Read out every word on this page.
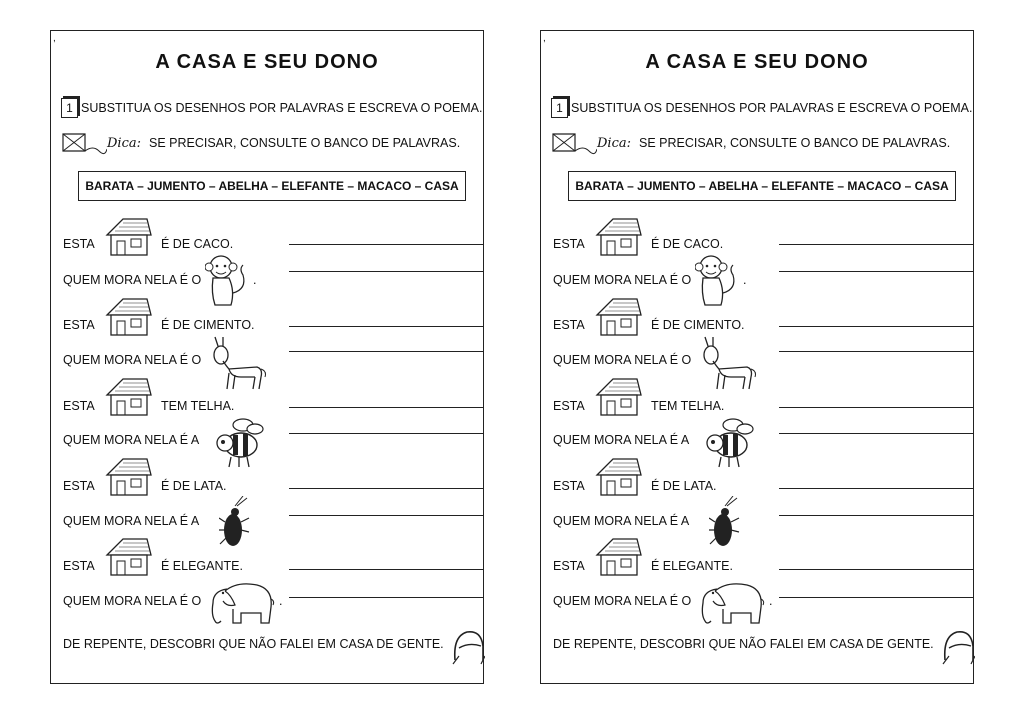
,
A CASA E SEU DONO
1 SUBSTITUA OS DESENHOS POR PALAVRAS E ESCREVA O POEMA.
Dica: SE PRECISAR, CONSULTE O BANCO DE PALAVRAS.
BARATA – JUMENTO – ABELHA – ELEFANTE – MACACO – CASA
ESTA	É DE CACO.
QUEM MORA NELA É O	.
ESTA	É DE CIMENTO.
QUEM MORA NELA É O
ESTA	TEM TELHA.
QUEM MORA NELA É A
ESTA	É DE LATA.
QUEM MORA NELA É A
ESTA	É ELEGANTE.
QUEM MORA NELA É O	.
DE REPENTE, DESCOBRI QUE NÃO FALEI EM CASA DE GENTE.
,
A CASA E SEU DONO
1 SUBSTITUA OS DESENHOS POR PALAVRAS E ESCREVA O POEMA.
Dica: SE PRECISAR, CONSULTE O BANCO DE PALAVRAS.
BARATA – JUMENTO – ABELHA – ELEFANTE – MACACO – CASA
ESTA	É DE CACO.
QUEM MORA NELA É O	.
ESTA	É DE CIMENTO.
QUEM MORA NELA É O
ESTA	TEM TELHA.
QUEM MORA NELA É A
ESTA	É DE LATA.
QUEM MORA NELA É A
ESTA	É ELEGANTE.
QUEM MORA NELA É O	.
DE REPENTE, DESCOBRI QUE NÃO FALEI EM CASA DE GENTE.
